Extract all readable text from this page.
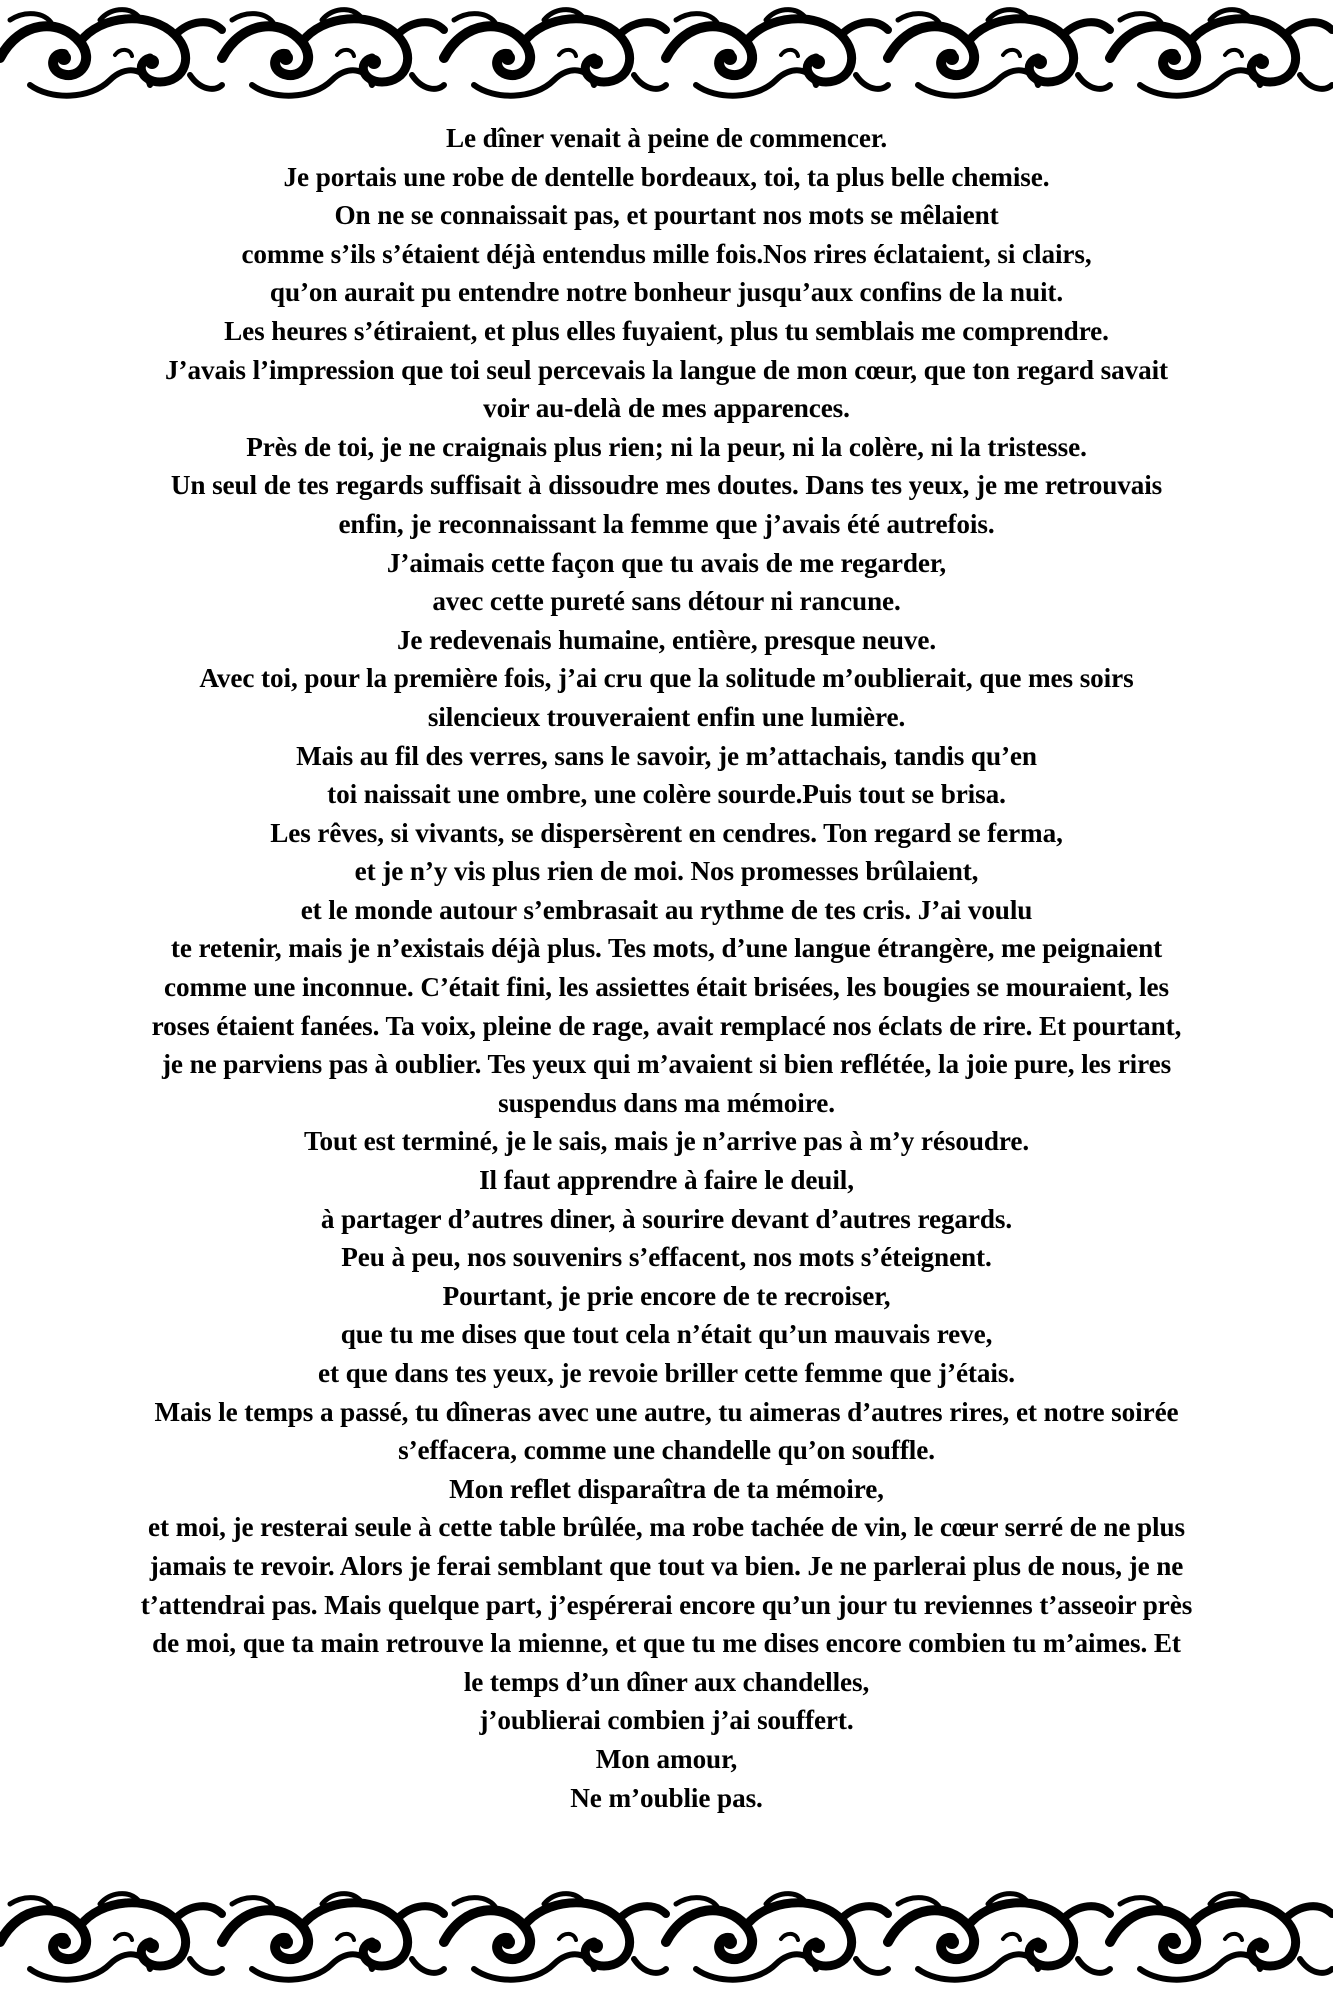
Le dîner venait à peine de commencer.
Je portais une robe de dentelle bordeaux, toi, ta plus belle chemise.
On ne se connaissait pas, et pourtant nos mots se mêlaient
comme s’ils s’étaient déjà entendus mille fois.Nos rires éclataient, si clairs,
qu’on aurait pu entendre notre bonheur jusqu’aux confins de la nuit.
Les heures s’étiraient, et plus elles fuyaient, plus tu semblais me comprendre.
J’avais l’impression que toi seul percevais la langue de mon cœur, que ton regard savait
voir au-delà de mes apparences.
Près de toi, je ne craignais plus rien; ni la peur, ni la colère, ni la tristesse.
Un seul de tes regards suffisait à dissoudre mes doutes. Dans tes yeux, je me retrouvais
enfin, je reconnaissant la femme que j’avais été autrefois.
J’aimais cette façon que tu avais de me regarder,
avec cette pureté sans détour ni rancune.
Je redevenais humaine, entière, presque neuve.
Avec toi, pour la première fois, j’ai cru que la solitude m’oublierait, que mes soirs
silencieux trouveraient enfin une lumière.
Mais au fil des verres, sans le savoir, je m’attachais, tandis qu’en
toi naissait une ombre, une colère sourde.Puis tout se brisa.
Les rêves, si vivants, se dispersèrent en cendres. Ton regard se ferma,
et je n’y vis plus rien de moi. Nos promesses brûlaient,
et le monde autour s’embrasait au rythme de tes cris. J’ai voulu
te retenir, mais je n’existais déjà plus. Tes mots, d’une langue étrangère, me peignaient
comme une inconnue. C’était fini, les assiettes était brisées, les bougies se mouraient, les
roses étaient fanées. Ta voix, pleine de rage, avait remplacé nos éclats de rire. Et pourtant,
je ne parviens pas à oublier. Tes yeux qui m’avaient si bien reflétée, la joie pure, les rires
suspendus dans ma mémoire.
Tout est terminé, je le sais, mais je n’arrive pas à m’y résoudre.
Il faut apprendre à faire le deuil,
à partager d’autres diner, à sourire devant d’autres regards.
Peu à peu, nos souvenirs s’effacent, nos mots s’éteignent.
Pourtant, je prie encore de te recroiser,
que tu me dises que tout cela n’était qu’un mauvais reve,
et que dans tes yeux, je revoie briller cette femme que j’étais.
Mais le temps a passé, tu dîneras avec une autre, tu aimeras d’autres rires, et notre soirée
s’effacera, comme une chandelle qu’on souffle.
Mon reflet disparaîtra de ta mémoire,
et moi, je resterai seule à cette table brûlée, ma robe tachée de vin, le cœur serré de ne plus
jamais te revoir. Alors je ferai semblant que tout va bien. Je ne parlerai plus de nous, je ne
t’attendrai pas. Mais quelque part, j’espérerai encore qu’un jour tu reviennes t’asseoir près
de moi, que ta main retrouve la mienne, et que tu me dises encore combien tu m’aimes. Et
le temps d’un dîner aux chandelles,
j’oublierai combien j’ai souffert.
Mon amour,
Ne m’oublie pas.
